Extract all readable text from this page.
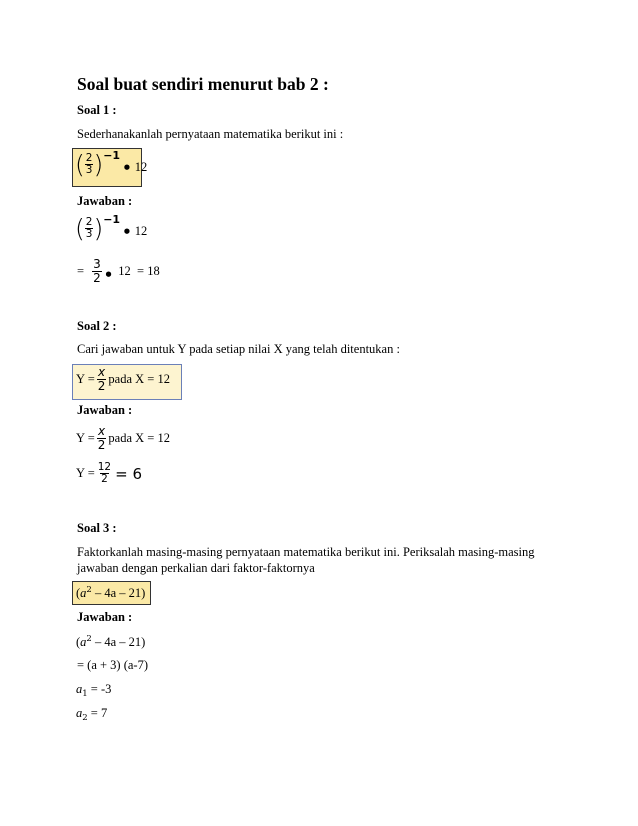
Soal buat sendiri menurut bab 2 :
Soal 1 :
Sederhanakanlah pernyataan matematika berikut ini :
( $\frac{2}{3}$ ) −1
• 12
Jawaban :
( $\frac{2}{3}$ ) −1
• 12
= $\frac{3}{2}$ • 12  = 18
Soal 2 :
Cari jawaban untuk Y pada setiap nilai X yang telah ditentukan :
$Y = \frac{x}{2}$ pada X = 12
Jawaban :
$Y = \frac{x}{2}$ pada X = 12
$Y = \frac{12}{2} = 6$
Soal 3 :
Faktorkanlah masing-masing pernyataan matematika berikut ini. Periksalah masing-masing
jawaban dengan perkalian dari faktor-faktornya
$(a^2 - 4a - 21)$
Jawaban :
$(a^2 - 4a - 21)$
= (a + 3) (a-7)
$a_1 = -3$
$a_2 = 7$
